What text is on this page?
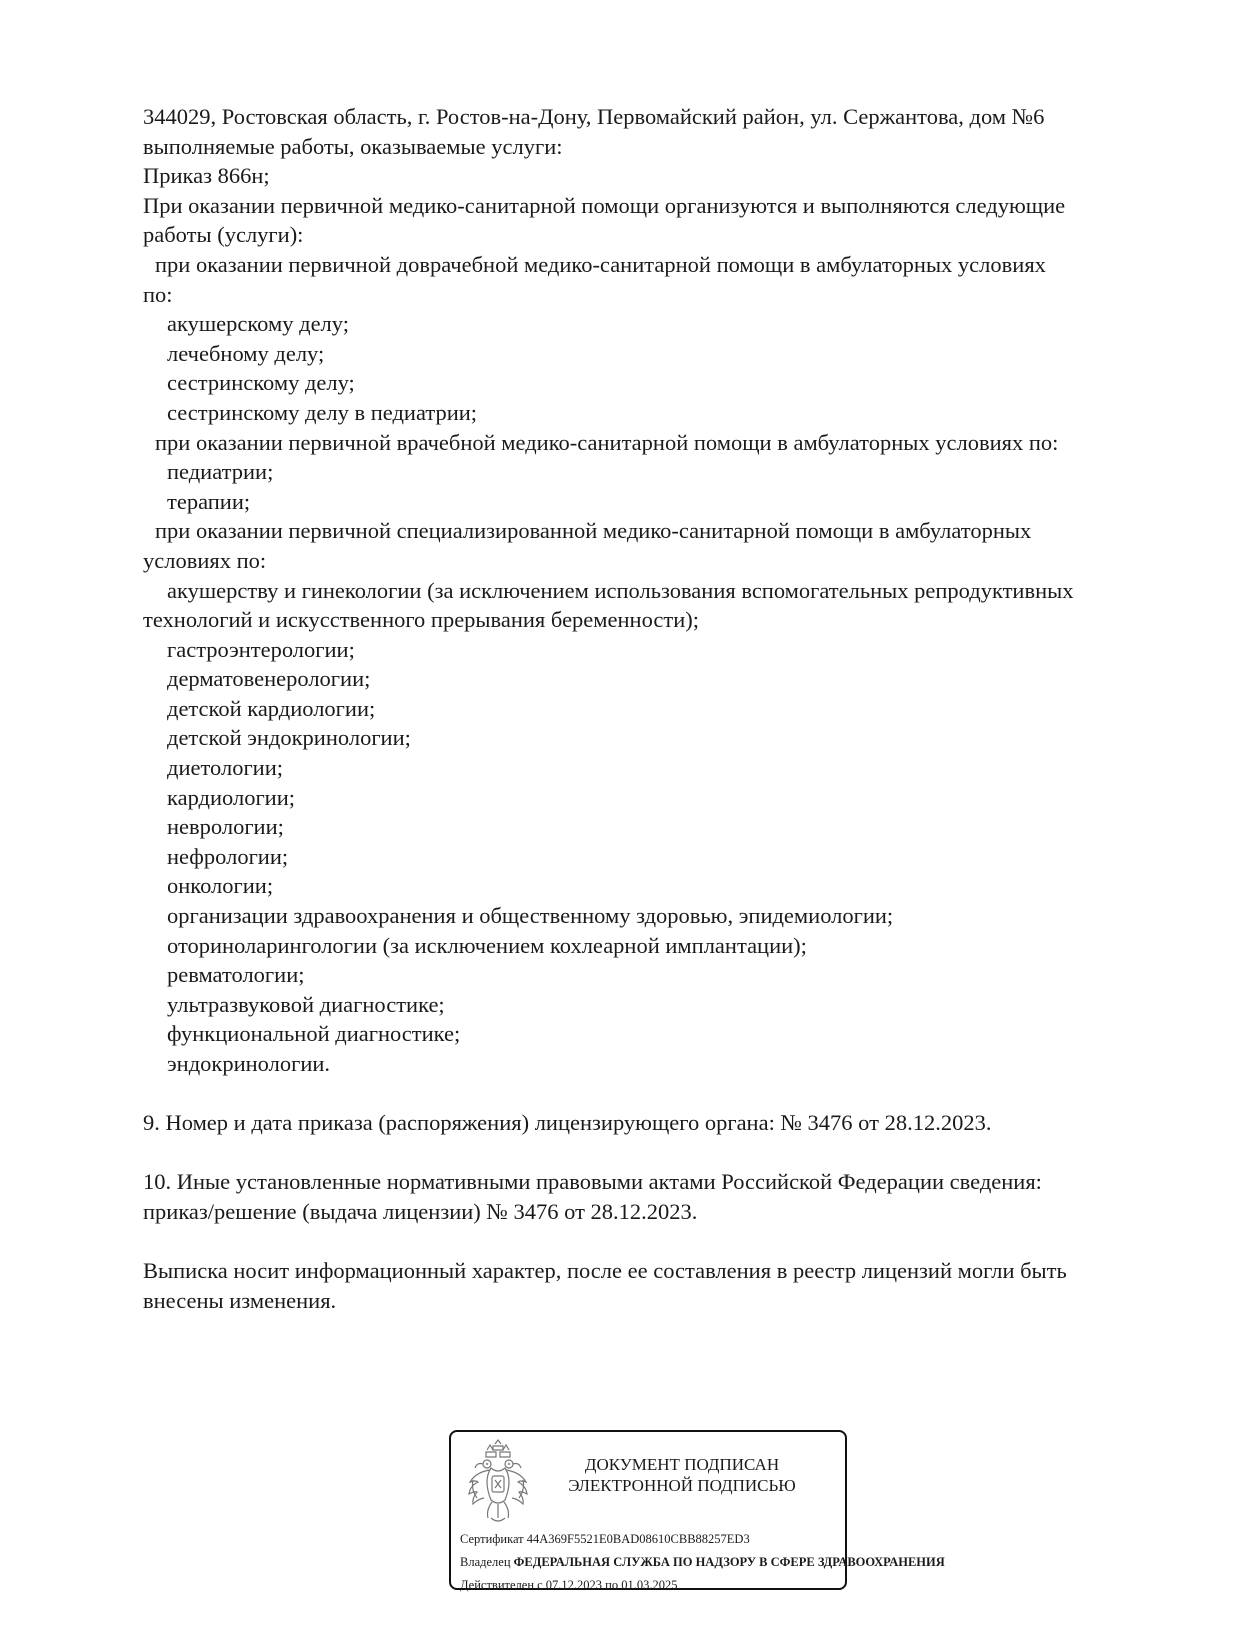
344029, Ростовская область, г. Ростов-на-Дону, Первомайский район, ул. Сержантова, дом №6
выполняемые работы, оказываемые услуги:
Приказ 866н;
При оказании первичной медико-санитарной помощи организуются и выполняются следующие
работы (услуги):
при оказании первичной доврачебной медико-санитарной помощи в амбулаторных условиях
по:
акушерскому делу;
лечебному делу;
сестринскому делу;
сестринскому делу в педиатрии;
при оказании первичной врачебной медико-санитарной помощи в амбулаторных условиях по:
педиатрии;
терапии;
при оказании первичной специализированной медико-санитарной помощи в амбулаторных
условиях по:
акушерству и гинекологии (за исключением использования вспомогательных репродуктивных
технологий и искусственного прерывания беременности);
гастроэнтерологии;
дерматовенерологии;
детской кардиологии;
детской эндокринологии;
диетологии;
кардиологии;
неврологии;
нефрологии;
онкологии;
организации здравоохранения и общественному здоровью, эпидемиологии;
оториноларингологии (за исключением кохлеарной имплантации);
ревматологии;
ультразвуковой диагностике;
функциональной диагностике;
эндокринологии.
9. Номер и дата приказа (распоряжения) лицензирующего органа: № 3476 от 28.12.2023.
10. Иные установленные нормативными правовыми актами Российской Федерации сведения:
приказ/решение (выдача лицензии) № 3476 от 28.12.2023.
Выписка носит информационный характер, после ее составления в реестр лицензий могли быть
внесены изменения.
ДОКУМЕНТ ПОДПИСАН
ЭЛЕКТРОННОЙ ПОДПИСЬЮ
Сертификат 44A369F5521E0BAD08610CBB88257ED3
Владелец ФЕДЕРАЛЬНАЯ СЛУЖБА ПО НАДЗОРУ В СФЕРЕ ЗДРАВООХРАНЕНИЯ
Действителен с 07.12.2023 по 01.03.2025
